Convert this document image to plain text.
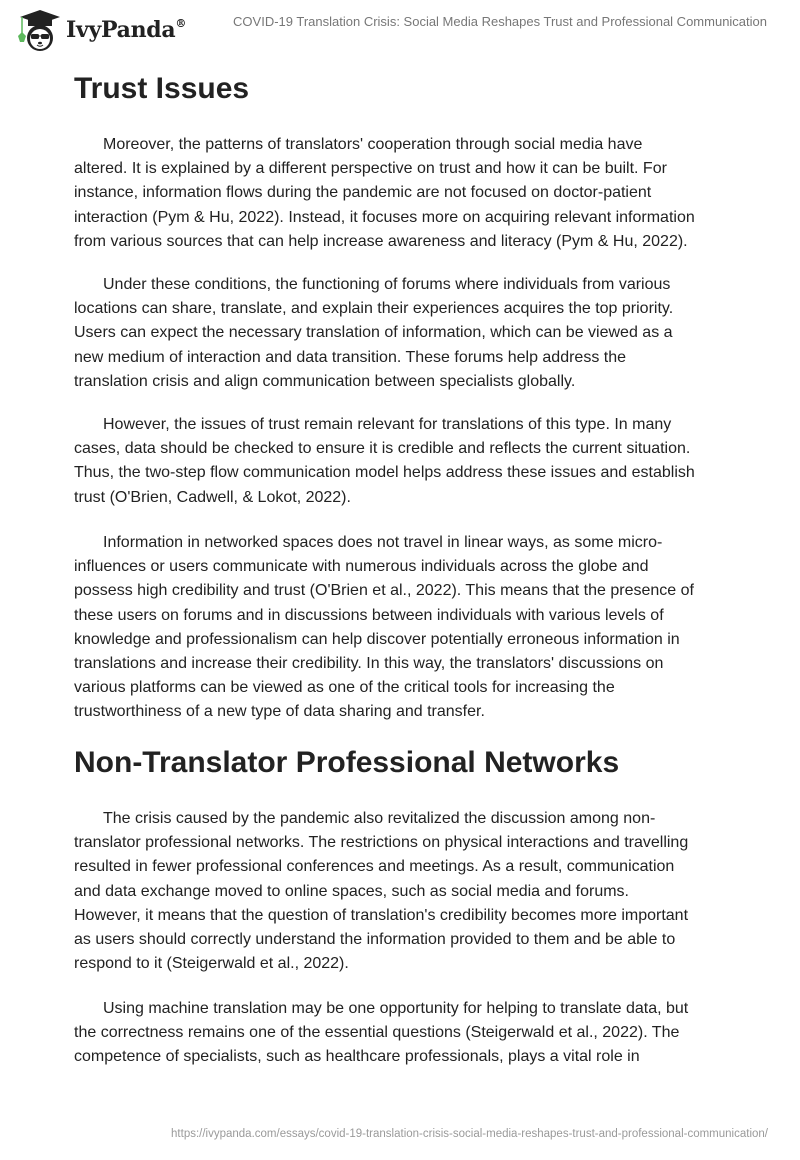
IvyPanda®	COVID-19 Translation Crisis: Social Media Reshapes Trust and Professional Communication
Trust Issues
Moreover, the patterns of translators' cooperation through social media have
altered. It is explained by a different perspective on trust and how it can be built. For
instance, information flows during the pandemic are not focused on doctor-patient
interaction (Pym & Hu, 2022). Instead, it focuses more on acquiring relevant information
from various sources that can help increase awareness and literacy (Pym & Hu, 2022).
Under these conditions, the functioning of forums where individuals from various
locations can share, translate, and explain their experiences acquires the top priority.
Users can expect the necessary translation of information, which can be viewed as a
new medium of interaction and data transition. These forums help address the
translation crisis and align communication between specialists globally.
However, the issues of trust remain relevant for translations of this type. In many
cases, data should be checked to ensure it is credible and reflects the current situation.
Thus, the two-step flow communication model helps address these issues and establish
trust (O'Brien, Cadwell, & Lokot, 2022).
Information in networked spaces does not travel in linear ways, as some micro-
influences or users communicate with numerous individuals across the globe and
possess high credibility and trust (O'Brien et al., 2022). This means that the presence of
these users on forums and in discussions between individuals with various levels of
knowledge and professionalism can help discover potentially erroneous information in
translations and increase their credibility. In this way, the translators' discussions on
various platforms can be viewed as one of the critical tools for increasing the
trustworthiness of a new type of data sharing and transfer.
Non-Translator Professional Networks
The crisis caused by the pandemic also revitalized the discussion among non-
translator professional networks. The restrictions on physical interactions and travelling
resulted in fewer professional conferences and meetings. As a result, communication
and data exchange moved to online spaces, such as social media and forums.
However, it means that the question of translation's credibility becomes more important
as users should correctly understand the information provided to them and be able to
respond to it (Steigerwald et al., 2022).
Using machine translation may be one opportunity for helping to translate data, but
the correctness remains one of the essential questions (Steigerwald et al., 2022). The
competence of specialists, such as healthcare professionals, plays a vital role in
https://ivypanda.com/essays/covid-19-translation-crisis-social-media-reshapes-trust-and-professional-communication/
